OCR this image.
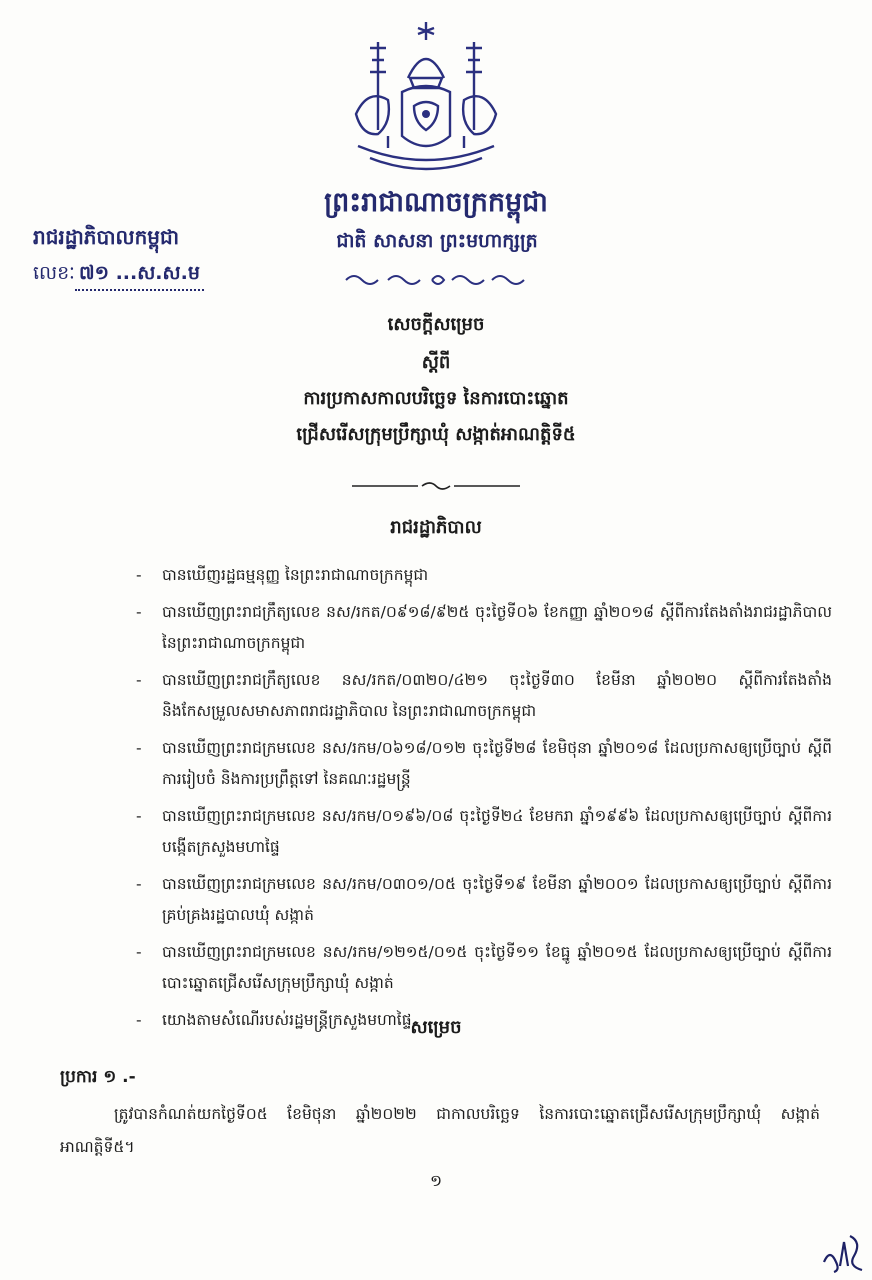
ព្រះរាជាណាចក្រកម្ពុជា
ជាតិ សាសនា ព្រះមហាក្សត្រ
រាជរដ្ឋាភិបាលកម្ពុជា
លេខៈ ៧១ ...ស.ស.ម
សេចក្តីសម្រេច
ស្តីពី
ការប្រកាសកាលបរិច្ឆេទ នៃការបោះឆ្នោត
ជ្រើសរើសក្រុមប្រឹក្សាឃុំ សង្កាត់អាណត្តិទី៥
រាជរដ្ឋាភិបាល
- បានឃើញរដ្ឋធម្មនុញ្ញ នៃព្រះរាជាណាចក្រកម្ពុជា
- បានឃើញព្រះរាជក្រឹត្យលេខ នស/រកត/០៩១៨/៩២៥ ចុះថ្ងៃទី០៦ ខែកញ្ញា ឆ្នាំ២០១៨ ស្តីពីការតែងតាំងរាជរដ្ឋាភិបាល នៃព្រះរាជាណាចក្រកម្ពុជា
- បានឃើញព្រះរាជក្រឹត្យលេខ នស/រកត/០៣២០/៤២១ ចុះថ្ងៃទី៣០ ខែមីនា ឆ្នាំ២០២០ ស្តីពីការតែងតាំង និងកែសម្រួលសមាសភាពរាជរដ្ឋាភិបាល នៃព្រះរាជាណាចក្រកម្ពុជា
- បានឃើញព្រះរាជក្រមលេខ នស/រកម/០៦១៨/០១២ ចុះថ្ងៃទី២៨ ខែមិថុនា ឆ្នាំ២០១៨ ដែលប្រកាសឲ្យប្រើច្បាប់ ស្តីពីការរៀបចំ និងការប្រព្រឹត្តទៅ នៃគណៈរដ្ឋមន្ត្រី
- បានឃើញព្រះរាជក្រមលេខ នស/រកម/០១៩៦/០៨ ចុះថ្ងៃទី២៤ ខែមករា ឆ្នាំ១៩៩៦ ដែលប្រកាសឲ្យប្រើច្បាប់ ស្តីពីការបង្កើតក្រសួងមហាផ្ទៃ
- បានឃើញព្រះរាជក្រមលេខ នស/រកម/០៣០១/០៥ ចុះថ្ងៃទី១៩ ខែមីនា ឆ្នាំ២០០១ ដែលប្រកាសឲ្យប្រើច្បាប់ ស្តីពីការគ្រប់គ្រងរដ្ឋបាលឃុំ សង្កាត់
- បានឃើញព្រះរាជក្រមលេខ នស/រកម/១២១៥/០១៥ ចុះថ្ងៃទី១១ ខែធ្នូ ឆ្នាំ២០១៥ ដែលប្រកាសឲ្យប្រើច្បាប់ ស្តីពីការបោះឆ្នោតជ្រើសរើសក្រុមប្រឹក្សាឃុំ សង្កាត់
- យោងតាមសំណើរបស់រដ្ឋមន្ត្រីក្រសួងមហាផ្ទៃ
សម្រេច
ប្រការ ១ .-
ត្រូវបានកំណត់យកថ្ងៃទី០៥ ខែមិថុនា ឆ្នាំ២០២២ ជាកាលបរិច្ឆេទ នៃការបោះឆ្នោតជ្រើសរើសក្រុមប្រឹក្សាឃុំ សង្កាត់អាណត្តិទី៥។
១
